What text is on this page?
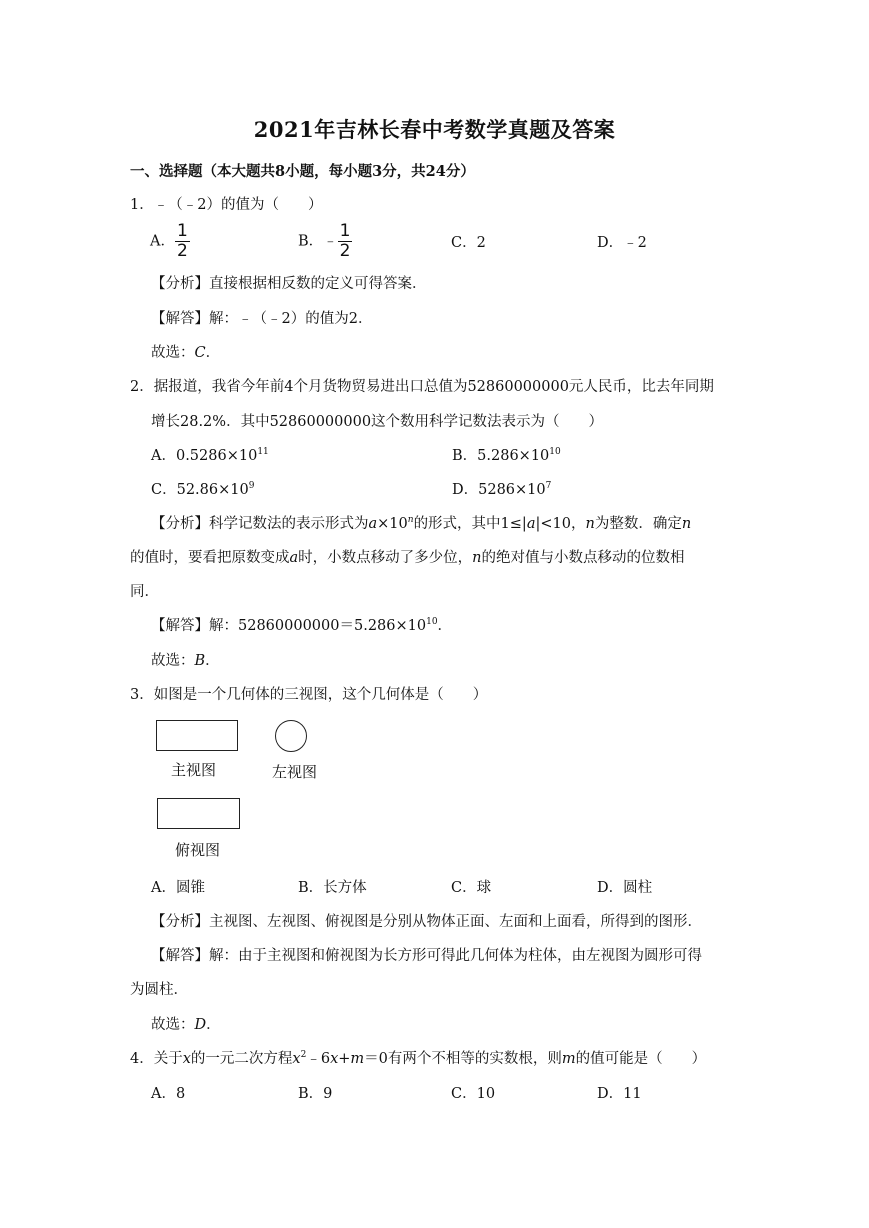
2021年吉林长春中考数学真题及答案
一、选择题（本大题共8小题，每小题3分，共24分）
1．﹣（﹣2）的值为（　　）
A． $\frac{1}{2}$	B．﹣ $\frac{1}{2}$	C．2	D．﹣2
【分析】直接根据相反数的定义可得答案．
【解答】解：﹣（﹣2）的值为2．
故选：C．
2．据报道，我省今年前4个月货物贸易进出口总值为52860000000元人民币，比去年同期
增长28.2%．其中52860000000这个数用科学记数法表示为（　　）
A．$0.5286\times 10^{11}$	B．$5.286\times 10^{10}$
C．$52.86\times 10^9$	D．$5286\times 10^7$
【分析】科学记数法的表示形式为$a\times 10^n$的形式，其中1≤|a|<10，n为整数．确定n
的值时，要看把原数变成a时，小数点移动了多少位，n的绝对值与小数点移动的位数相
同．
【解答】解：$52860000000=5.286\times 10^{10}$．
故选：B．
3．如图是一个几何体的三视图，这个几何体是（　　）
主视图	左视图
俯视图
A．圆锥	B．长方体	C．球	D．圆柱
【分析】主视图、左视图、俯视图是分别从物体正面、左面和上面看，所得到的图形．
【解答】解：由于主视图和俯视图为长方形可得此几何体为柱体，由左视图为圆形可得
为圆柱．
故选：D．
4．关于x的一元二次方程$x^2﹣6x+m=0$有两个不相等的实数根，则m的值可能是（　　）
A．8	B．9	C．10	D．11
